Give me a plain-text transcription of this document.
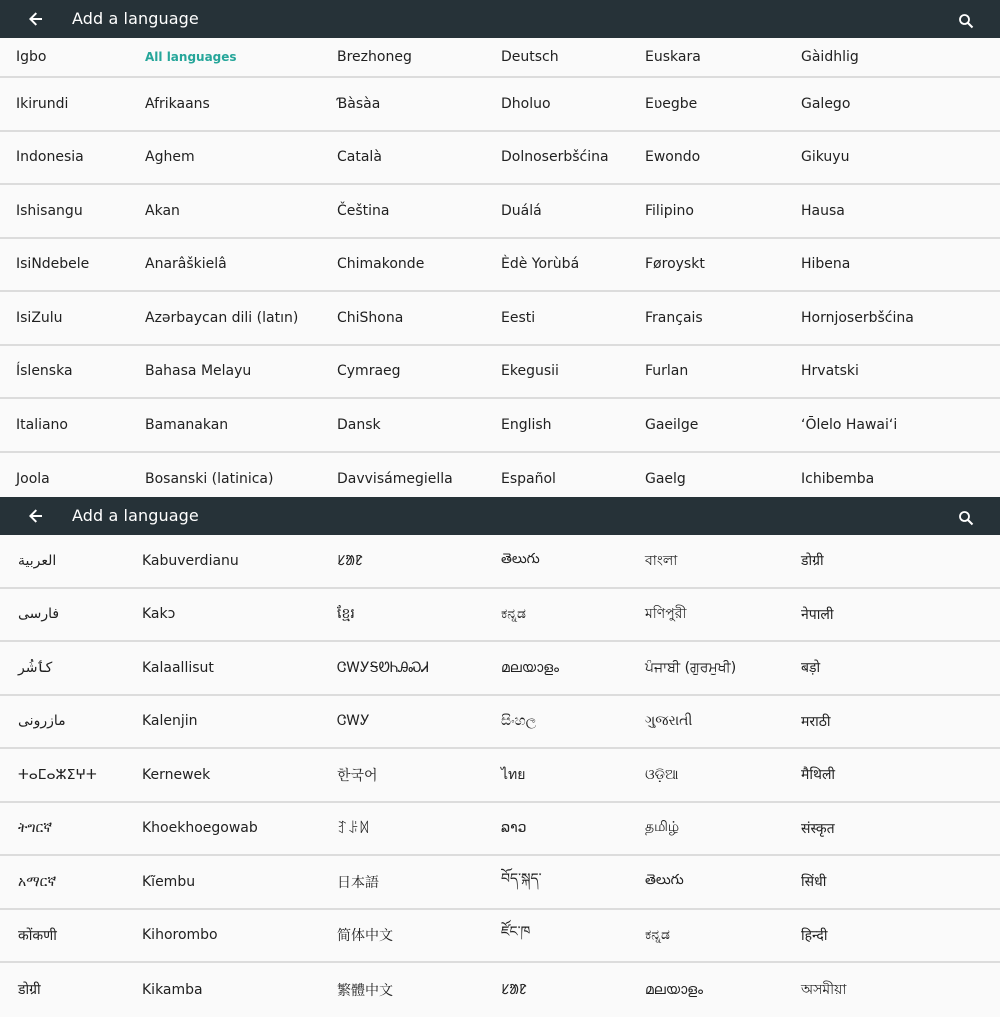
Add a language
Igbo	All languages	Brezhoneg	Deutsch	Euskara	Gàidhlig
Ikirundi	Afrikaans	Ɓàsàa	Dholuo	Eʋegbe	Galego
Indonesia	Aghem	Català	Dolnoserbšćina	Ewondo	Gikuyu
Ishisangu	Akan	Čeština	Duálá	Filipino	Hausa
IsiNdebele	Anarâškielâ	Chimakonde	Èdè Yorùbá	Føroyskt	Hibena
IsiZulu	Azərbaycan dili (latın)	ChiShona	Eesti	Français	Hornjoserbšćina
Íslenska	Bahasa Melayu	Cymraeg	Ekegusii	Furlan	Hrvatski
Italiano	Bamanakan	Dansk	English	Gaeilge	ʻŌlelo Hawaiʻi
Joola	Bosanski (latinica)	Davvisámegiella	Español	Gaelg	Ichibemba
Add a language
العربية	Kabuverdianu	ᱥᱟᱱ	తెలుగు	বাংলা	डोग्री
فارسی	Kakɔ	ខ្មែរ	ಕನ್ನಡ	মণিপুরী	नेपाली
کٲشُر	Kalaallisut	ᏣᎳᎩᎦᏬᏂᎯᏍᏗ	മലയാളം	ਪੰਜਾਬੀ (ਗੁਰਮੁਖੀ)	बड़ो
مازرونی	Kalenjin	ᏣᎳᎩ	සිංහල	ગુજરાતી	मराठी
ⵜⴰⵎⴰⵣⵉⵖⵜ	Kernewek	한국어	ไทย	ଓଡ଼ିଆ	मैथिली
ትግርኛ	Khoekhoegowab	ꆈꌠꉙ	ລາວ	தமிழ்	संस्कृत
አማርኛ	Kĩembu	日本語	བོད་སྐད་	తెలుగు	सिंधी
कोंकणी	Kihorombo	简体中文	ཛོང་ཁ	ಕನ್ನಡ	हिन्दी
डोग्री	Kikamba	繁體中文	ᱥᱟᱱ	മലയാളം	অসমীয়া
